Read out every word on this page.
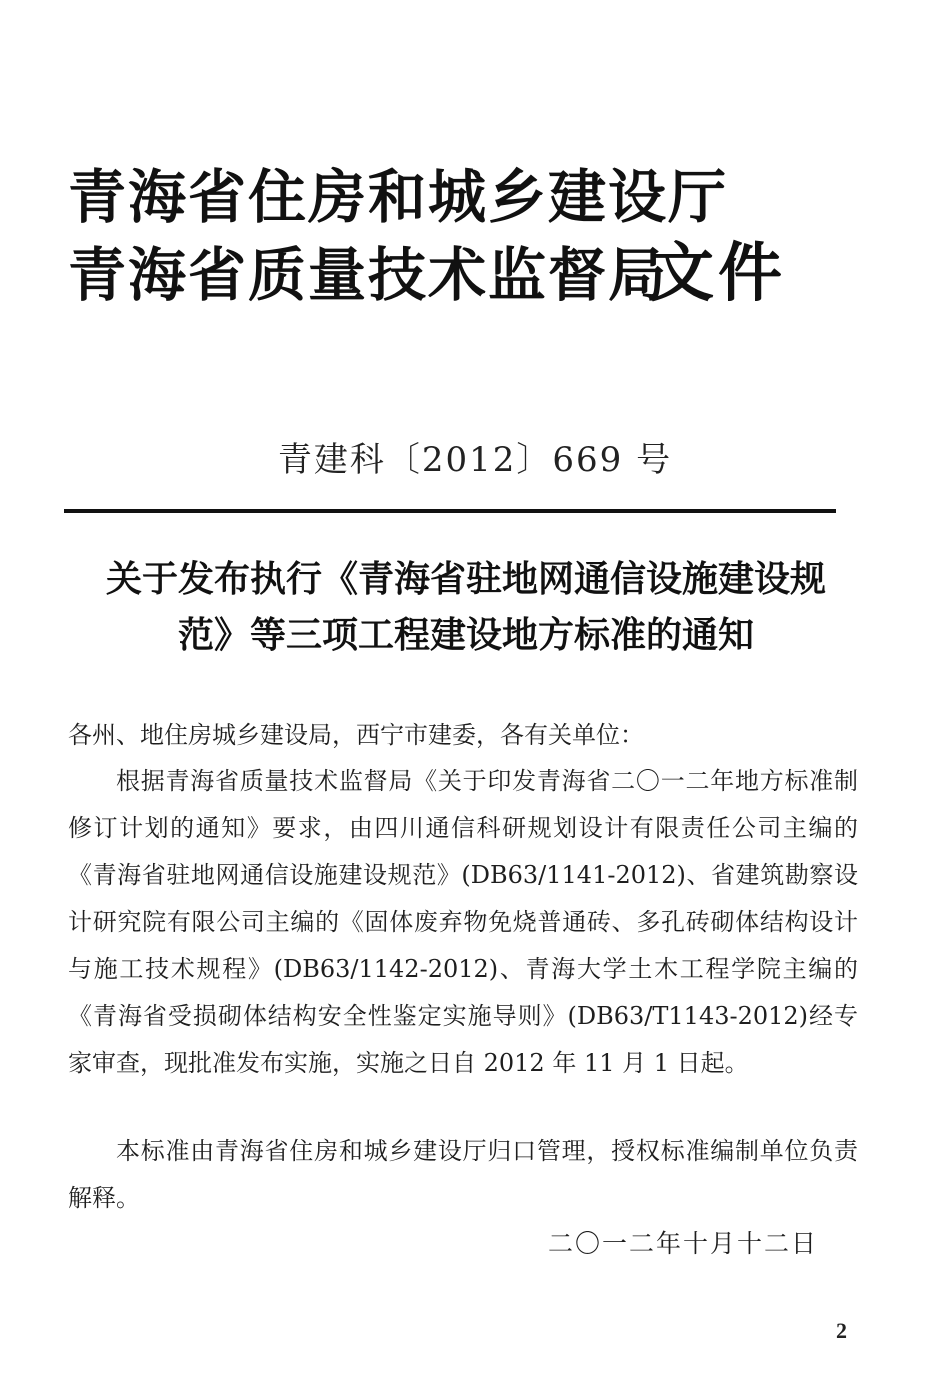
青海省住房和城乡建设厅
青海省质量技术监督局
文件
青建科〔2012〕669 号
关于发布执行《青海省驻地网通信设施建设规
范》等三项工程建设地方标准的通知
各州、地住房城乡建设局，西宁市建委，各有关单位：
根据青海省质量技术监督局《关于印发青海省二〇一二年地方标准制修订计划的通知》要求，由四川通信科研规划设计有限责任公司主编的《青海省驻地网通信设施建设规范》(DB63/1141-2012)、省建筑勘察设计研究院有限公司主编的《固体废弃物免烧普通砖、多孔砖砌体结构设计与施工技术规程》(DB63/1142-2012)、青海大学土木工程学院主编的《青海省受损砌体结构安全性鉴定实施导则》(DB63/T1143-2012)经专家审查，现批准发布实施，实施之日自 2012 年 11 月 1 日起。
本标准由青海省住房和城乡建设厅归口管理，授权标准编制单位负责解释。
二〇一二年十月十二日
2
